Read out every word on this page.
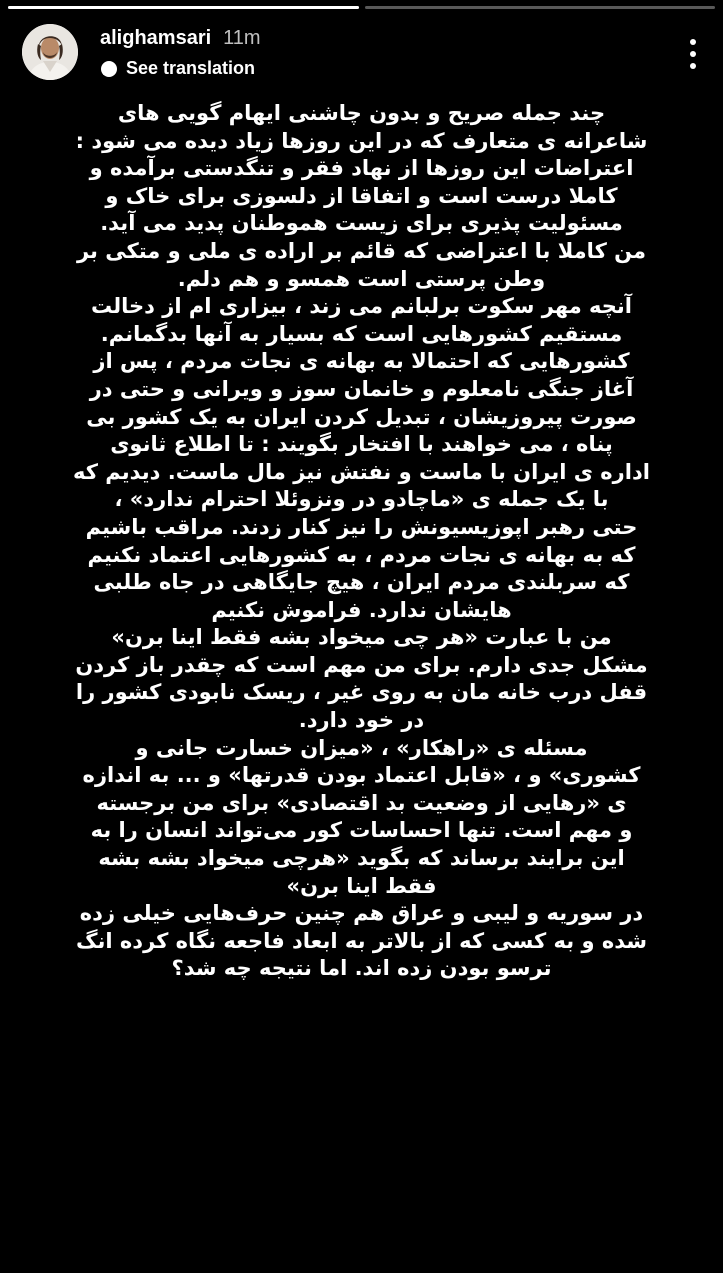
alighamsari 11m
See translation
چند جمله صریح و بدون چاشنی ایهام گویی های
شاعرانه ی متعارف که در این روزها زیاد دیده می شود :
اعتراضات این روزها از نهاد فقر و تنگدستی برآمده و
کاملا درست است و اتفاقا از دلسوزی برای خاک و
مسئولیت پذیری برای زیست هموطنان پدید می آید.
من کاملا با اعتراضی که قائم بر اراده ی ملی و متکی بر
وطن پرستی است همسو و هم دلم.
آنچه مهر سکوت برلبانم می زند ، بیزاری ام از دخالت
مستقیم کشورهایی است که بسیار به آنها بدگمانم.
کشورهایی که احتمالا به بهانه ی نجات مردم ، پس از
آغاز جنگی نامعلوم و خانمان سوز و ویرانی و حتی در
صورت پیروزیشان ، تبدیل کردن ایران به یک کشور بی
پناه ، می خواهند با افتخار بگویند : تا اطلاع ثانوی
اداره ی ایران با ماست و نفتش نیز مال ماست. دیدیم که
با یک جمله ی «ماچادو در ونزوئلا احترام ندارد» ،
حتی رهبر اپوزیسیونش را نیز کنار زدند. مراقب باشیم
که به بهانه ی نجات مردم ، به کشورهایی اعتماد نکنیم
که سربلندی مردم ایران ، هیچ جایگاهی در جاه طلبی
هایشان ندارد. فراموش نکنیم
من با عبارت «هر چی میخواد بشه فقط اینا برن»
مشکل جدی دارم. برای من مهم است که چقدر باز کردن
قفل درب خانه مان به روی غیر ، ریسک نابودی کشور را
در خود دارد.
مسئله ی «راهکار» ، «میزان خسارت جانی و
کشوری» و ، «قابل اعتماد بودن قدرتها» و ... به اندازه
ی «رهایی از وضعیت بد اقتصادی» برای من برجسته
و مهم است. تنها احساسات کور می‌تواند انسان را به
این برایند برساند که بگوید «هرچی میخواد بشه بشه
فقط اینا برن»
در سوریه و لیبی و عراق هم چنین حرف‌هایی خیلی زده
شده و به کسی که از بالاتر به ابعاد فاجعه نگاه کرده انگ
ترسو بودن زده اند. اما نتیجه چه شد؟
